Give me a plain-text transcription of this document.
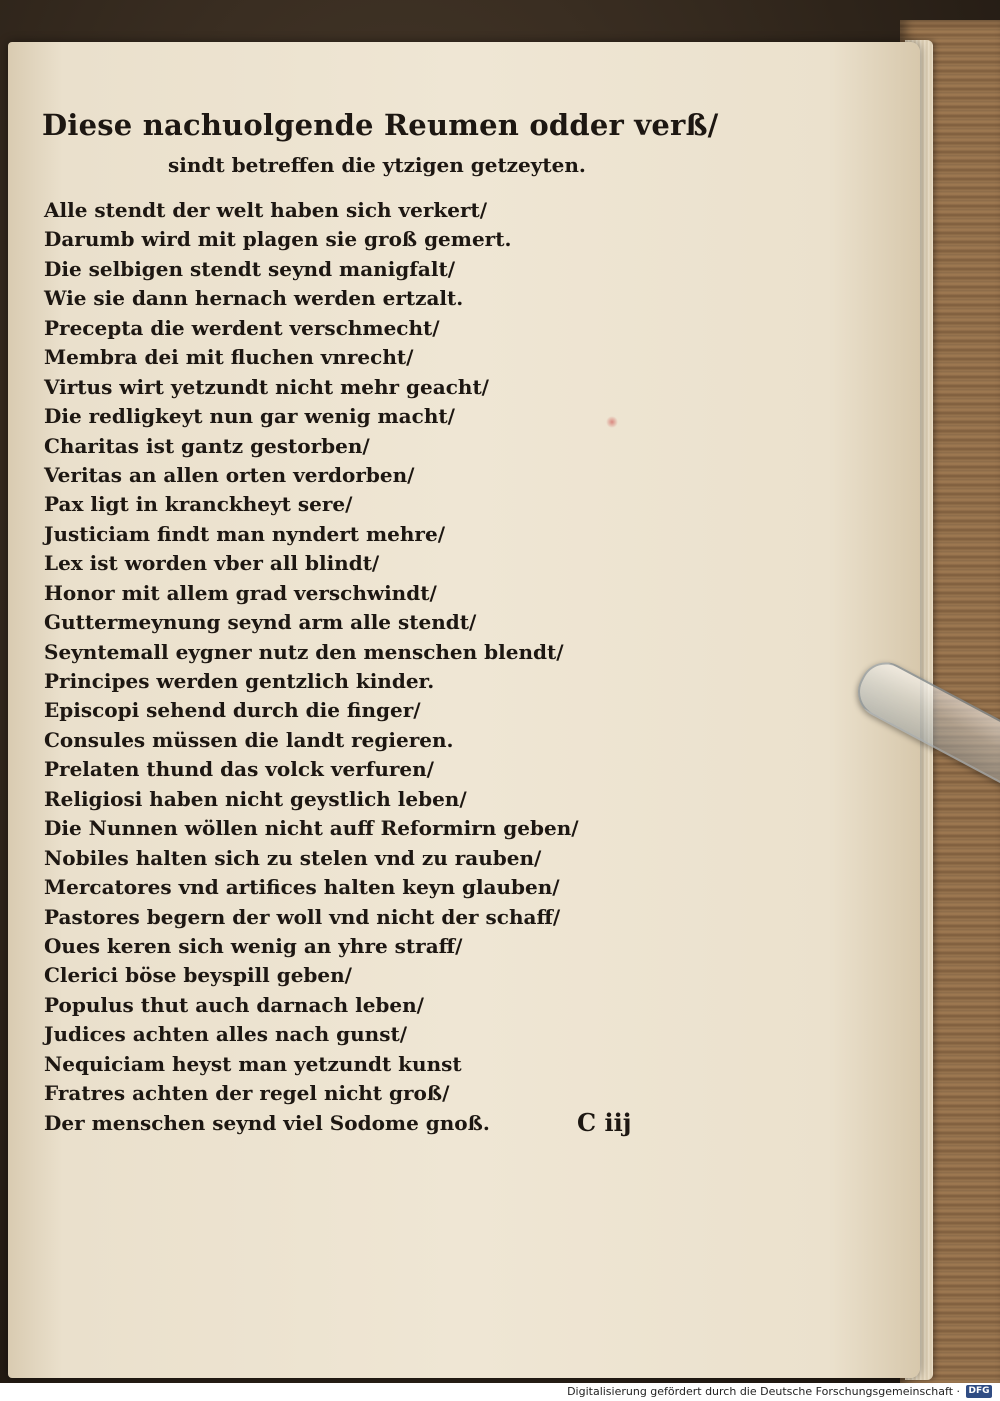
Diese nachuolgende Reumen odder verß/
sindt betreffen die ytzigen getzeyten.
Alle stendt der welt haben sich verkert/
Darumb wird mit plagen sie groß gemert.
Die selbigen stendt seynd manigfalt/
Wie sie dann hernach werden ertzalt.
Precepta die werdent verschmecht/
Membra dei mit fluchen vnrecht/
Virtus wirt yetzundt nicht mehr geacht/
Die redligkeyt nun gar wenig macht/
Charitas ist gantz gestorben/
Veritas an allen orten verdorben/
Pax ligt in kranckheyt sere/
Justiciam findt man nyndert mehre/
Lex ist worden vber all blindt/
Honor mit allem grad verschwindt/
Guttermeynung seynd arm alle stendt/
Seyntemall eygner nutz den menschen blendt/
Principes werden gentzlich kinder.
Episcopi sehend durch die finger/
Consules müssen die landt regieren.
Prelaten thund das volck verfuren/
Religiosi haben nicht geystlich leben/
Die Nunnen wöllen nicht auff Reformirn geben/
Nobiles halten sich zu stelen vnd zu rauben/
Mercatores vnd artifices halten keyn glauben/
Pastores begern der woll vnd nicht der schaff/
Oues keren sich wenig an yhre straff/
Clerici böse beyspill geben/
Populus thut auch darnach leben/
Judices achten alles nach gunst/
Nequiciam heyst man yetzundt kunst
Fratres achten der regel nicht groß/
Der menschen seynd viel Sodome gnoß.	C iij
Digitalisierung gefördert durch die Deutsche Forschungsgemeinschaft · DFG
